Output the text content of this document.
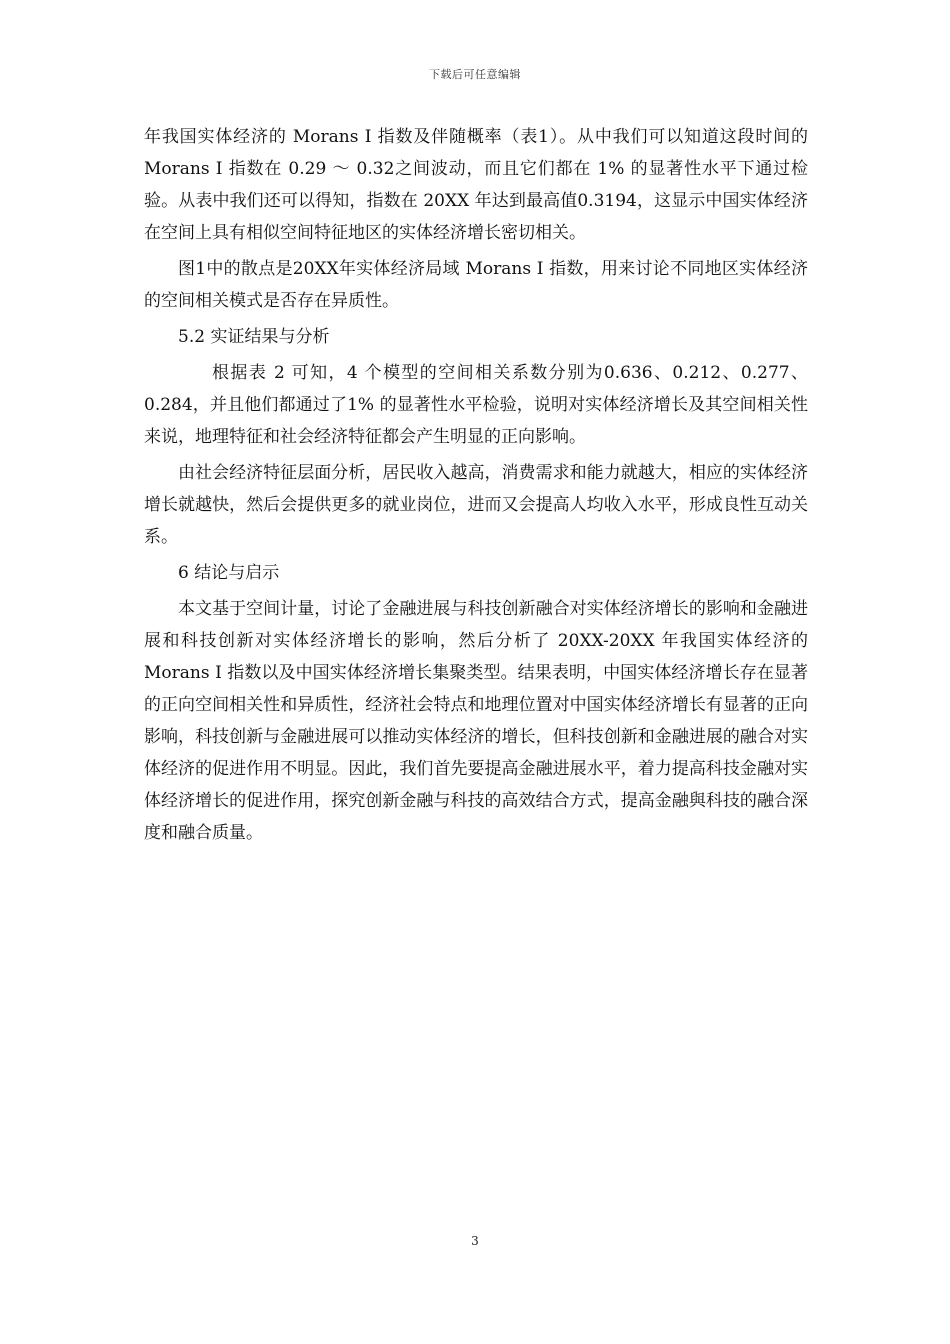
下载后可任意编辑

年我国实体经济的 Morans I 指数及伴随概率（表1）。从中我们可以知道这段时间的Morans I 指数在 0.29 ～ 0.32之间波动，而且它们都在 1% 的显著性水平下通过检验。从表中我们还可以得知，指数在 20XX 年达到最高值0.3194，这显示中国实体经济在空间上具有相似空间特征地区的实体经济增长密切相关。

图1中的散点是20XX年实体经济局域 Morans I 指数，用来讨论不同地区实体经济的空间相关模式是否存在异质性。

5.2 实证结果与分析

根据表 2 可知，4 个模型的空间相关系数分别为0.636、0.212、0.277、0.284，并且他们都通过了1% 的显著性水平检验，说明对实体经济增长及其空间相关性来说，地理特征和社会经济特征都会产生明显的正向影响。

由社会经济特征层面分析，居民收入越高，消费需求和能力就越大，相应的实体经济增长就越快，然后会提供更多的就业岗位，进而又会提高人均收入水平，形成良性互动关系。

6 结论与启示

本文基于空间计量，讨论了金融进展与科技创新融合对实体经济增长的影响和金融进展和科技创新对实体经济增长的影响，然后分析了 20XX-20XX 年我国实体经济的 Morans I 指数以及中国实体经济增长集聚类型。结果表明，中国实体经济增长存在显著的正向空间相关性和异质性，经济社会特点和地理位置对中国实体经济增长有显著的正向影响，科技创新与金融进展可以推动实体经济的增长，但科技创新和金融进展的融合对实体经济的促进作用不明显。因此，我们首先要提高金融进展水平，着力提高科技金融对实体经济增长的促进作用，探究创新金融与科技的高效结合方式，提高金融與科技的融合深度和融合质量。

3
